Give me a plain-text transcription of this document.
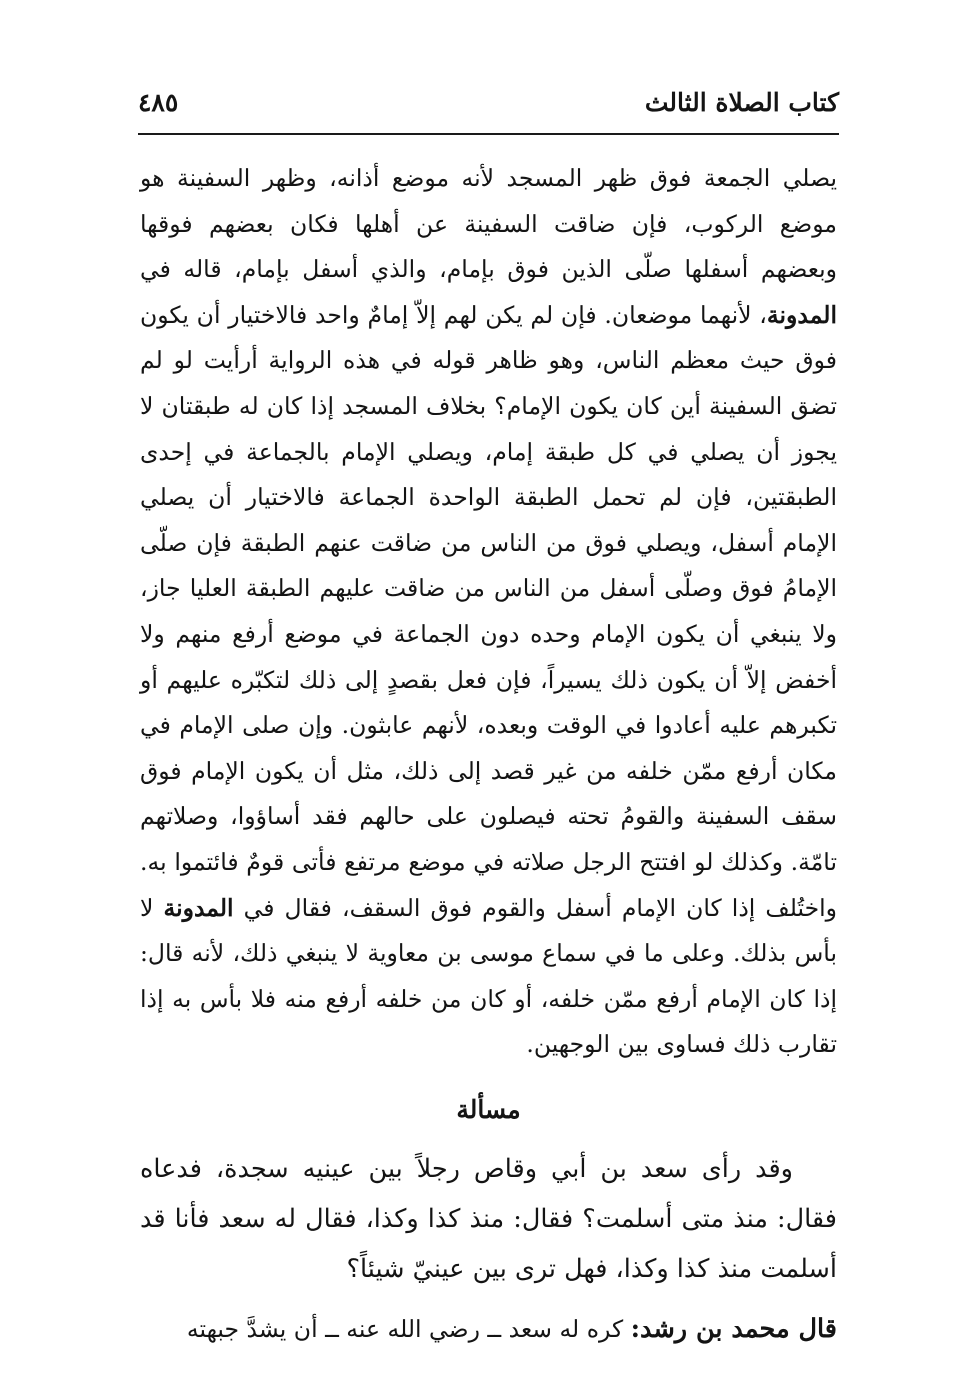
كتاب الصلاة الثالث
٤٨٥

يصلي الجمعة فوق ظهر المسجد لأنه موضع أذانه، وظهر السفينة هو موضع الركوب، فإن ضاقت السفينة عن أهلها فكان بعضهم فوقها وبعضهم أسفلها صلّى الذين فوق بإمام، والذي أسفل بإمام، قاله في المدونة، لأنهما موضعان. فإن لم يكن لهم إلاّ إمامٌ واحد فالاختيار أن يكون فوق حيث معظم الناس، وهو ظاهر قوله في هذه الرواية أرأيت لو لم تضق السفينة أين كان يكون الإمام؟ بخلاف المسجد إذا كان له طبقتان لا يجوز أن يصلي في كل طبقة إمام، ويصلي الإمام بالجماعة في إحدى الطبقتين، فإن لم تحمل الطبقة الواحدة الجماعة فالاختيار أن يصلي الإمام أسفل، ويصلي فوق من الناس من ضاقت عنهم الطبقة فإن صلّى الإمامُ فوق وصلّى أسفل من الناس من ضاقت عليهم الطبقة العليا جاز، ولا ينبغي أن يكون الإمام وحده دون الجماعة في موضع أرفع منهم ولا أخفض إلاّ أن يكون ذلك يسيراً، فإن فعل بقصدٍ إلى ذلك لتكبّره عليهم أو تكبرهم عليه أعادوا في الوقت وبعده، لأنهم عابثون. وإن صلى الإمام في مكان أرفع ممّن خلفه من غير قصد إلى ذلك، مثل أن يكون الإمام فوق سقف السفينة والقومُ تحته فيصلون على حالهم فقد أساؤوا، وصلاتهم تامّة. وكذلك لو افتتح الرجل صلاته في موضع مرتفع فأتى قومٌ فائتموا به. واختُلف إذا كان الإمام أسفل والقوم فوق السقف، فقال في المدونة لا بأس بذلك. وعلى ما في سماع موسى بن معاوية لا ينبغي ذلك، لأنه قال: إذا كان الإمام أرفع ممّن خلفه، أو كان من خلفه أرفع منه فلا بأس به إذا تقارب ذلك فساوى بين الوجهين.

مسألة

وقد رأى سعد بن أبي وقاص رجلاً بين عينيه سجدة، فدعاه فقال: منذ متى أسلمت؟ فقال: منذ كذا وكذا، فقال له سعد فأنا قد أسلمت منذ كذا وكذا، فهل ترى بين عينيّ شيئاً؟

قال محمد بن رشد: كره له سعد ــ رضي الله عنه ــ أن يشدَّ جبهته
